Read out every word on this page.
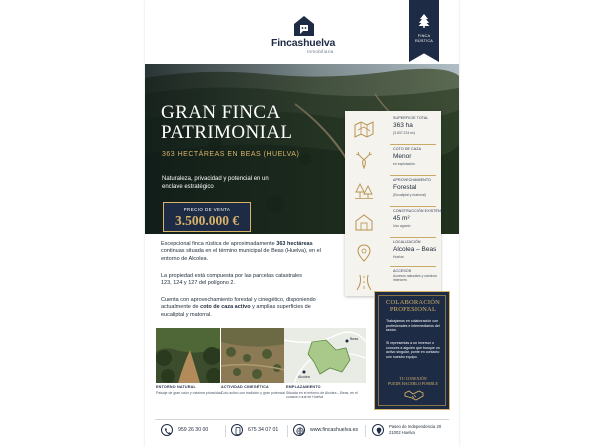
Fincashuelva
Inmobiliaria
FINCA RÚSTICA
GRAN FINCA
PATRIMONIAL
363 HECTÁREAS EN BEAS (HUELVA)
Naturaleza, privacidad y potencial en un enclave estratégico
PRECIO DE VENTA
3.500.000 €
SUPERFICIE TOTAL
363 ha
(3.637.224 m²)
COTO DE CAZA
Menor
en explotación
APROVECHAMIENTO
Forestal
(Eucaliptal y matorral)
CONSTRUCCIÓN EXISTENTE
45 m²
Uso agrario
LOCALIZACIÓN
Alcolea – Beas
Huelva
ACCESOS
Accesos naturales y caminos interiores
Excepcional finca rústica de aproximadamente 363 hectáreas continuas situada en el término municipal de Beas (Huelva), en el entorno de Alcolea.
La propiedad está compuesta por las parcelas catastrales 123, 124 y 127 del polígono 2.
Cuenta con aprovechamiento forestal y cinegético, disponiendo actualmente de coto de caza activo y amplias superficies de eucaliptal y matorral.
COLABORACIÓN
PROFESIONAL
Trabajamos en colaboración con profesionales e intermediarios del sector.
Si representas a un inversor o conoces a alguien que busque un activo singular, ponte en contacto con nuestro equipo.
TU CONEXIÓN
PUEDE HACERLO POSIBLE
ENTORNO NATURAL
Paisaje de gran valor y máxima privacidad
ACTIVIDAD CINEGÉTICA
Coto activo con tradición y gran potencial
Beas
Alcolea
EMPLAZAMIENTO
Situada en el entorno de Alcolea – Beas, en el corazón rural de Huelva
959 26 30 00	675 34 07 01	www.fincashuelva.es
Paseo de Independencia 20
21002 Huelva
